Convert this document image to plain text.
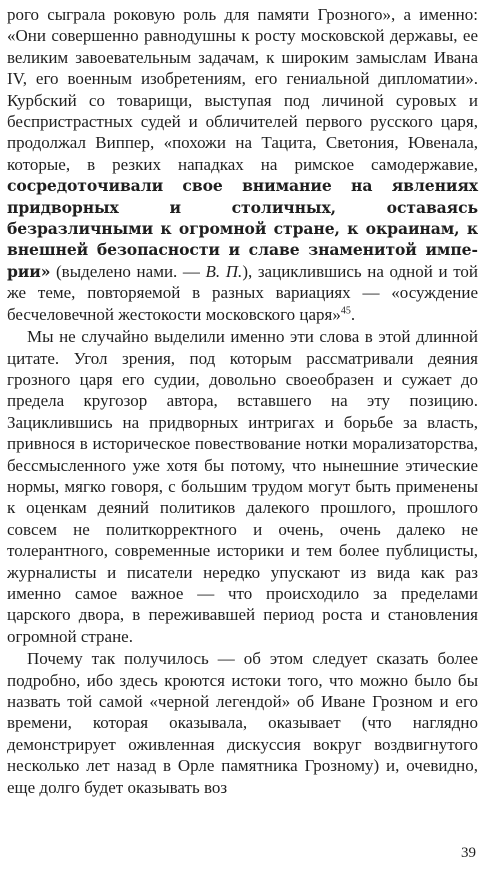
рого сыграла роковую роль для памяти Грозного», а именно: «Они совершенно равнодушны к росту московской державы, ее великим завоевательным задачам, к широким замыслам Ивана IV, его военным изобретениям, его гениальной дипломатии». Курбский со товарищи, выступая под личиной суровых и беспристрастных судей и обличителей первого русского царя, продолжал Виппер, «похожи на Тацита, Светония, Ювенала, которые, в резких нападках на римское самодержавие, сосредоточивали свое внимание на явлениях придворных и столичных, оставаясь безразличными к огромной стране, к окраинам, к внешней безопасности и славе знаменитой империи» (выделено нами. — В. П.), зациклившись на одной и той же теме, повторяемой в разных вариациях — «осуждение бесчеловечной жестокости московского царя»$^{45}$.

Мы не случайно выделили именно эти слова в этой длинной цитате. Угол зрения, под которым рассматривали деяния грозного царя его судии, довольно своеобразен и сужает до предела кругозор автора, вставшего на эту позицию. Зациклившись на придворных интригах и борьбе за власть, привнося в историческое повествование нотки морализаторства, бессмысленного уже хотя бы потому, что нынешние этические нормы, мягко говоря, с большим трудом могут быть применены к оценкам деяний политиков далекого прошлого, прошлого совсем не политкорректного и очень, очень далеко не толерантного, современные историки и тем более публицисты, журналисты и писатели нередко упускают из вида как раз именно самое важное — что происходило за пределами царского двора, в переживавшей период роста и становления огромной стране.

Почему так получилось — об этом следует сказать более подробно, ибо здесь кроются истоки того, что можно было бы назвать той самой «черной легендой» об Иване Грозном и его времени, которая оказывала, оказывает (что наглядно демонстрирует оживленная дискуссия вокруг воздвигнутого несколько лет назад в Орле памятника Грозному) и, очевидно, еще долго будет оказывать воз

39
